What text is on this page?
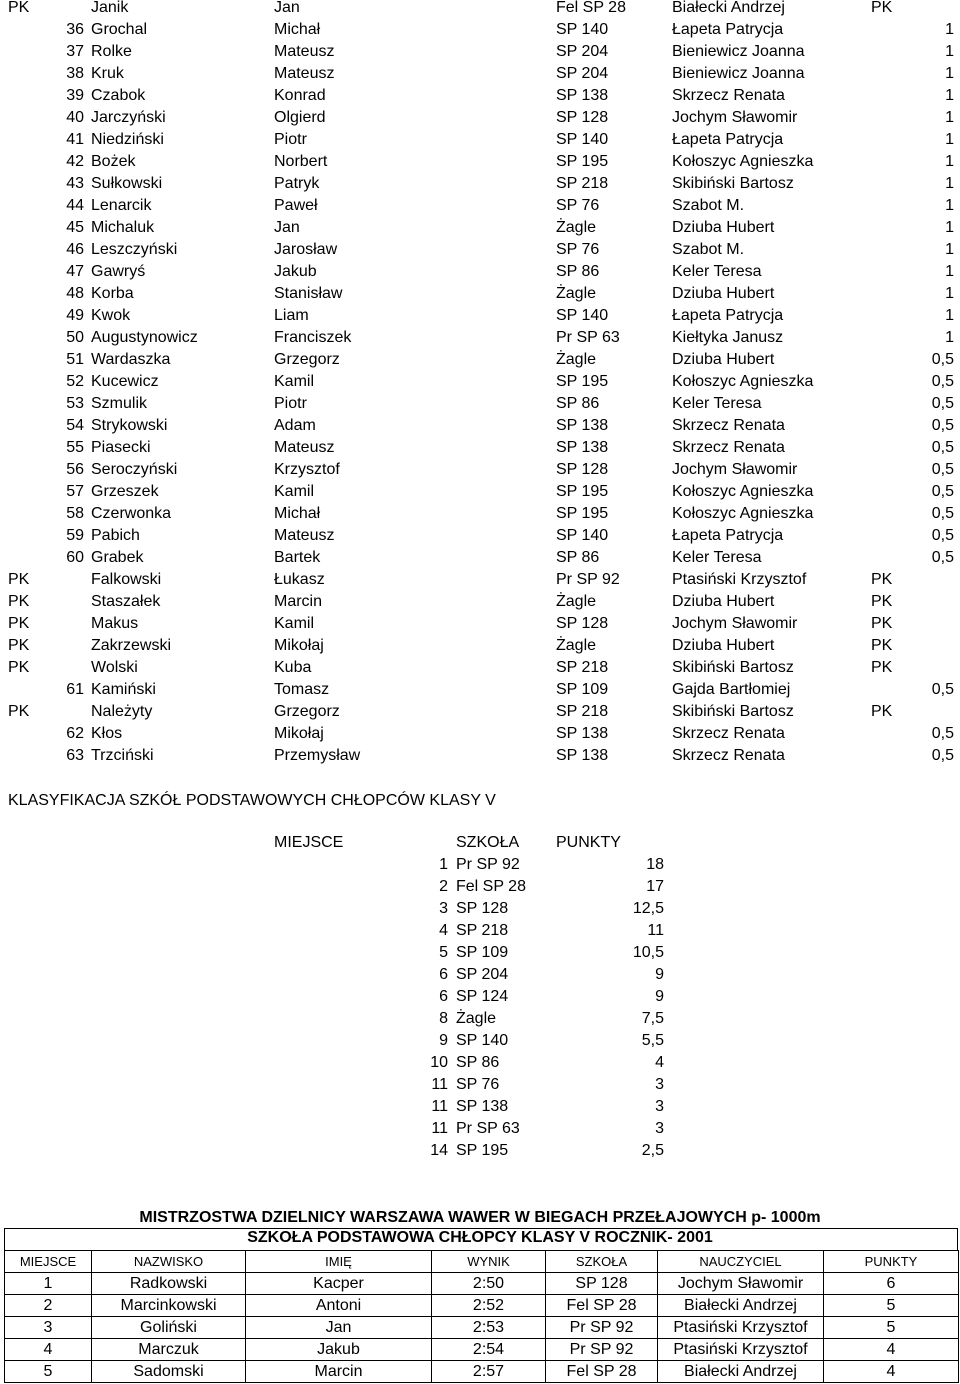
PK	Janik	Jan	Fel SP 28	Białecki Andrzej	PK
36 Grochal	Michał	SP 140	Łapeta Patrycja	1
37 Rolke	Mateusz	SP 204	Bieniewicz Joanna	1
38 Kruk	Mateusz	SP 204	Bieniewicz Joanna	1
39 Czabok	Konrad	SP 138	Skrzecz Renata	1
40 Jarczyński	Olgierd	SP 128	Jochym Sławomir	1
41 Niedziński	Piotr	SP 140	Łapeta Patrycja	1
42 Bożek	Norbert	SP 195	Kołoszyc Agnieszka	1
43 Sułkowski	Patryk	SP 218	Skibiński Bartosz	1
44 Lenarcik	Paweł	SP 76	Szabot M.	1
45 Michaluk	Jan	Żagle	Dziuba Hubert	1
46 Leszczyński	Jarosław	SP 76	Szabot M.	1
47 Gawryś	Jakub	SP 86	Keler Teresa	1
48 Korba	Stanisław	Żagle	Dziuba Hubert	1
49 Kwok	Liam	SP 140	Łapeta Patrycja	1
50 Augustynowicz	Franciszek	Pr SP 63	Kiełtyka Janusz	1
51 Wardaszka	Grzegorz	Żagle	Dziuba Hubert	0,5
52 Kucewicz	Kamil	SP 195	Kołoszyc Agnieszka	0,5
53 Szmulik	Piotr	SP 86	Keler Teresa	0,5
54 Strykowski	Adam	SP 138	Skrzecz Renata	0,5
55 Piasecki	Mateusz	SP 138	Skrzecz Renata	0,5
56 Seroczyński	Krzysztof	SP 128	Jochym Sławomir	0,5
57 Grzeszek	Kamil	SP 195	Kołoszyc Agnieszka	0,5
58 Czerwonka	Michał	SP 195	Kołoszyc Agnieszka	0,5
59 Pabich	Mateusz	SP 140	Łapeta Patrycja	0,5
60 Grabek	Bartek	SP 86	Keler Teresa	0,5
PK	Falkowski	Łukasz	Pr SP 92	Ptasiński Krzysztof	PK
PK	Staszałek	Marcin	Żagle	Dziuba Hubert	PK
PK	Makus	Kamil	SP 128	Jochym Sławomir	PK
PK	Zakrzewski	Mikołaj	Żagle	Dziuba Hubert	PK
PK	Wolski	Kuba	SP 218	Skibiński Bartosz	PK
61 Kamiński	Tomasz	SP 109	Gajda Bartłomiej	0,5
PK	Należyty	Grzegorz	SP 218	Skibiński Bartosz	PK
62 Kłos	Mikołaj	SP 138	Skrzecz Renata	0,5
63 Trzciński	Przemysław	SP 138	Skrzecz Renata	0,5
KLASYFIKACJA SZKÓŁ PODSTAWOWYCH CHŁOPCÓW KLASY V
MIEJSCE	SZKOŁA PUNKTY
1 Pr SP 92	18
2 Fel SP 28	17
3 SP 128	12,5
4 SP 218	11
5 SP 109	10,5
6 SP 204	9
6 SP 124	9
8 Żagle	7,5
9 SP 140	5,5
10 SP 86	4
11 SP 76	3
11 SP 138	3
11 Pr SP 63	3
14 SP 195	2,5
MISTRZOSTWA DZIELNICY WARSZAWA WAWER W BIEGACH PRZEŁAJOWYCH p- 1000m
SZKOŁA PODSTAWOWA CHŁOPCY KLASY V ROCZNIK- 2001
MIEJSCE	NAZWISKO	IMIĘ	WYNIK	SZKOŁA	NAUCZYCIEL	PUNKTY
1	Radkowski	Kacper	2:50	SP 128	Jochym Sławomir	6
2	Marcinkowski	Antoni	2:52	Fel SP 28	Białecki Andrzej	5
3	Goliński	Jan	2:53	Pr SP 92	Ptasiński Krzysztof	5
4	Marczuk	Jakub	2:54	Pr SP 92	Ptasiński Krzysztof	4
5	Sadomski	Marcin	2:57	Fel SP 28	Białecki Andrzej	4
